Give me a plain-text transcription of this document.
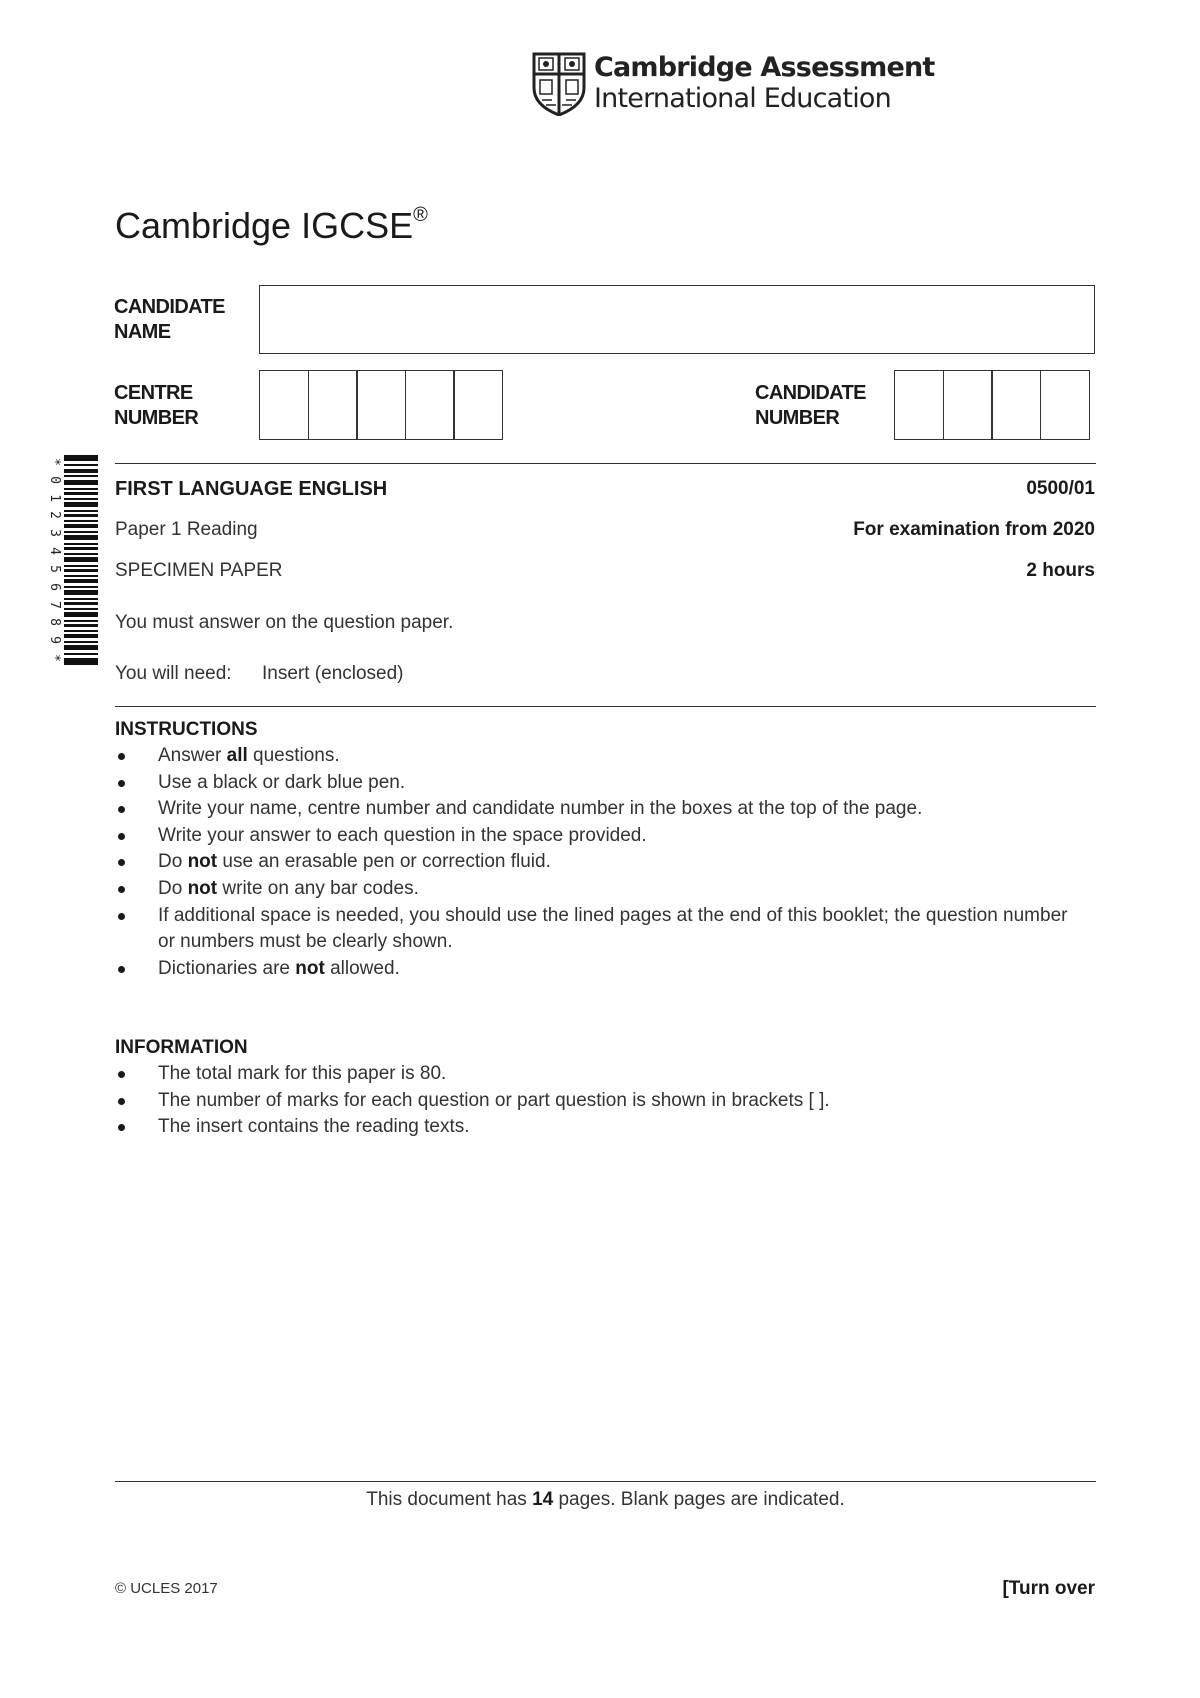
Cambridge Assessment
International Education
Cambridge IGCSE®
CANDIDATE
NAME
CENTRE
NUMBER
CANDIDATE
NUMBER
*
0
1
2
3
4
5
6
7
8
9
*
FIRST LANGUAGE ENGLISH	0500/01
Paper 1 Reading	For examination from 2020
SPECIMEN PAPER	2 hours
You must answer on the question paper.
You will need: Insert (enclosed)
INSTRUCTIONS
Answer all questions.
Use a black or dark blue pen.
Write your name, centre number and candidate number in the boxes at the top of the page.
Write your answer to each question in the space provided.
Do not use an erasable pen or correction fluid.
Do not write on any bar codes.
If additional space is needed, you should use the lined pages at the end of this booklet; the question number or numbers must be clearly shown.
Dictionaries are not allowed.
INFORMATION
The total mark for this paper is 80.
The number of marks for each question or part question is shown in brackets [ ].
The insert contains the reading texts.
This document has 14 pages. Blank pages are indicated.
© UCLES 2017	[Turn over
